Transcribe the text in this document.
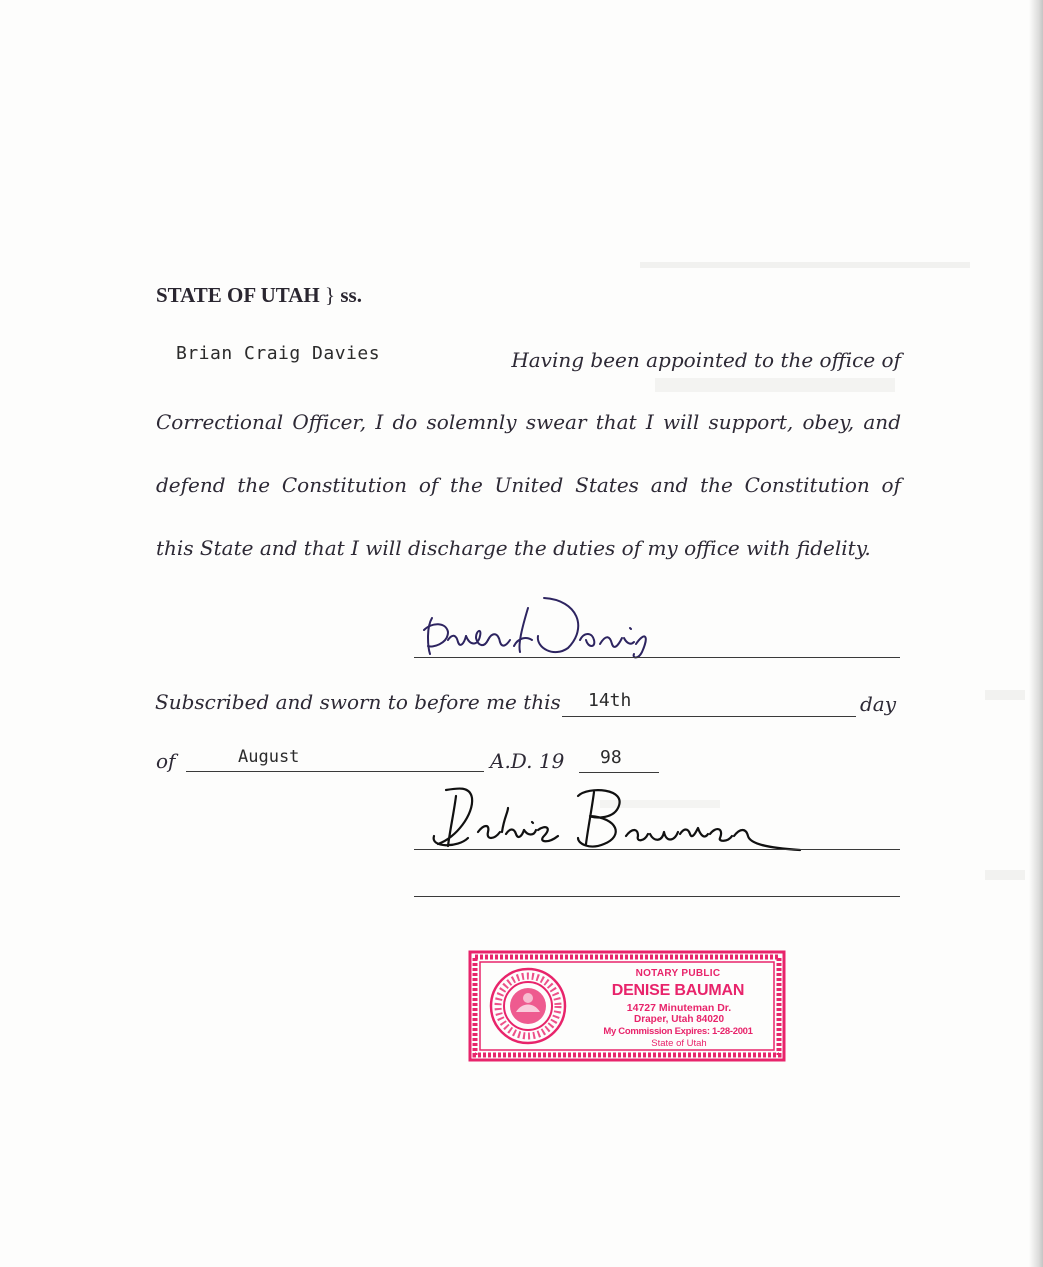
STATE OF UTAH } ss.
Brian Craig Davies	Having been appointed to the office of
Correctional Officer, I do solemnly swear that I will support, obey, and
defend the Constitution of the United States and the Constitution of
this State and that I will discharge the duties of my office with fidelity.
Subscribed and sworn to before me this 14th	day
of	August	A.D. 19 98
NOTARY PUBLIC
DENISE BAUMAN
14727 Minuteman Dr.
Draper, Utah 84020
My Commission Expires: 1-28-2001
State of Utah
